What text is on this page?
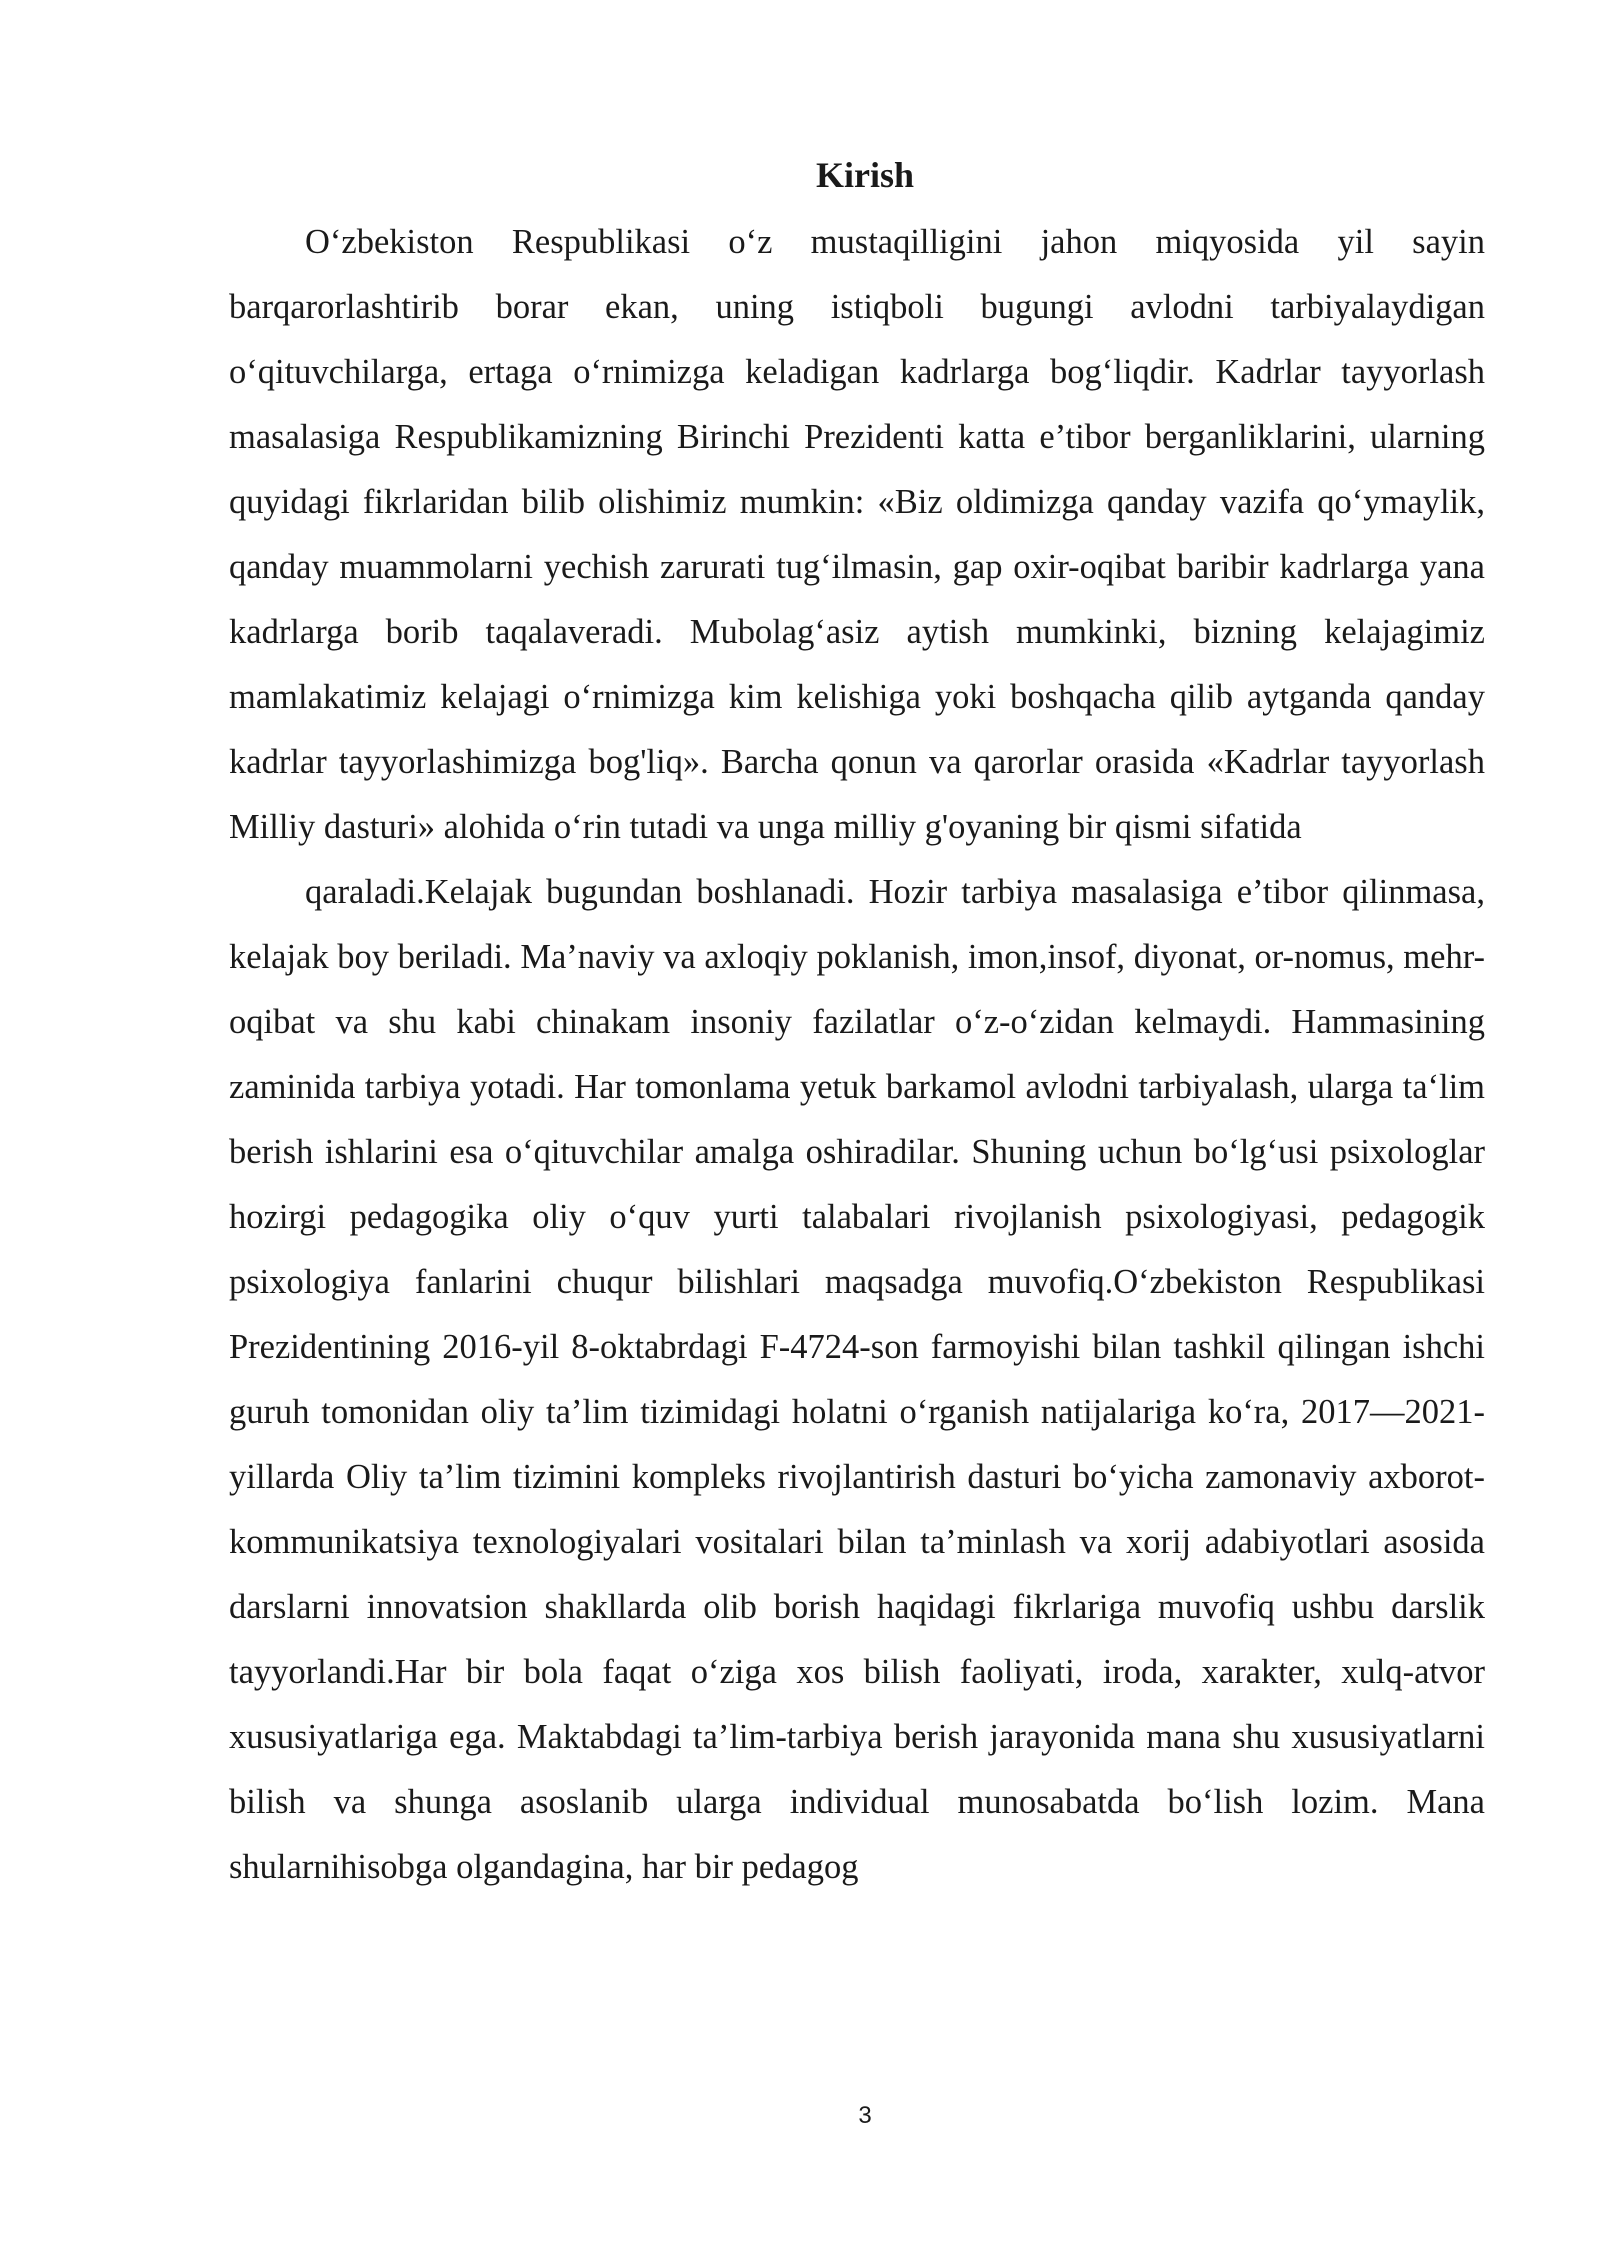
Kirish

O‘zbekiston Respublikasi o‘z mustaqilligini jahon miqyosida yil sayin barqarorlashtirib borar ekan, uning istiqboli bugungi avlodni tarbiyalaydigan o‘qituvchilarga, ertaga o‘rnimizga keladigan kadrlarga bog‘liqdir. Kadrlar tayyorlash masalasiga Respublikamizning Birinchi Prezidenti katta e’tibor berganliklarini, ularning quyidagi fikrlaridan bilib olishimiz mumkin: «Biz oldimizga qanday vazifa qo‘ymaylik, qanday muammolarni yechish zarurati tug‘ilmasin, gap oxir-oqibat baribir kadrlarga yana kadrlarga borib taqalaveradi. Mubolag‘asiz aytish mumkinki, bizning kelajagimiz mamlakatimiz kelajagi o‘rnimizga kim kelishiga yoki boshqacha qilib aytganda qanday kadrlar tayyorlashimizga bog'liq». Barcha qonun va qarorlar orasida «Kadrlar tayyorlash Milliy dasturi» alohida o‘rin tutadi va unga milliy g'oyaning bir qismi sifatida

qaraladi.Kelajak bugundan boshlanadi. Hozir tarbiya masalasiga e’tibor qilinmasa, kelajak boy beriladi. Ma’naviy va axloqiy poklanish, imon,insof, diyonat, or-nomus, mehr-oqibat va shu kabi chinakam insoniy fazilatlar o‘z-o‘zidan kelmaydi. Hammasining zaminida tarbiya yotadi. Har tomonlama yetuk barkamol avlodni tarbiyalash, ularga ta‘lim berish ishlarini esa o‘qituvchilar amalga oshiradilar. Shuning uchun bo‘lg‘usi psixologlar hozirgi pedagogika oliy o‘quv yurti talabalari rivojlanish psixologiyasi, pedagogik psixologiya fanlarini chuqur bilishlari maqsadga muvofiq.O‘zbekiston Respublikasi Prezidentining 2016-yil 8-oktabrdagi F-4724-son farmoyishi bilan tashkil qilingan ishchi guruh tomonidan oliy ta’lim tizimidagi holatni o‘rganish natijalariga ko‘ra, 2017—2021-yillarda Oliy ta’lim tizimini kompleks rivojlantirish dasturi bo‘yicha zamonaviy axborot-kommunikatsiya texnologiyalari vositalari bilan ta’minlash va xorij adabiyotlari asosida darslarni innovatsion shakllarda olib borish haqidagi fikrlariga muvofiq ushbu darslik tayyorlandi.Har bir bola faqat o‘ziga xos bilish faoliyati, iroda, xarakter, xulq-atvor xususiyatlariga ega. Maktabdagi ta’lim-tarbiya berish jarayonida mana shu xususiyatlarni bilish va shunga asoslanib ularga individual munosabatda bo‘lish lozim. Mana shularnihisobga olgandagina, har bir pedagog

3
